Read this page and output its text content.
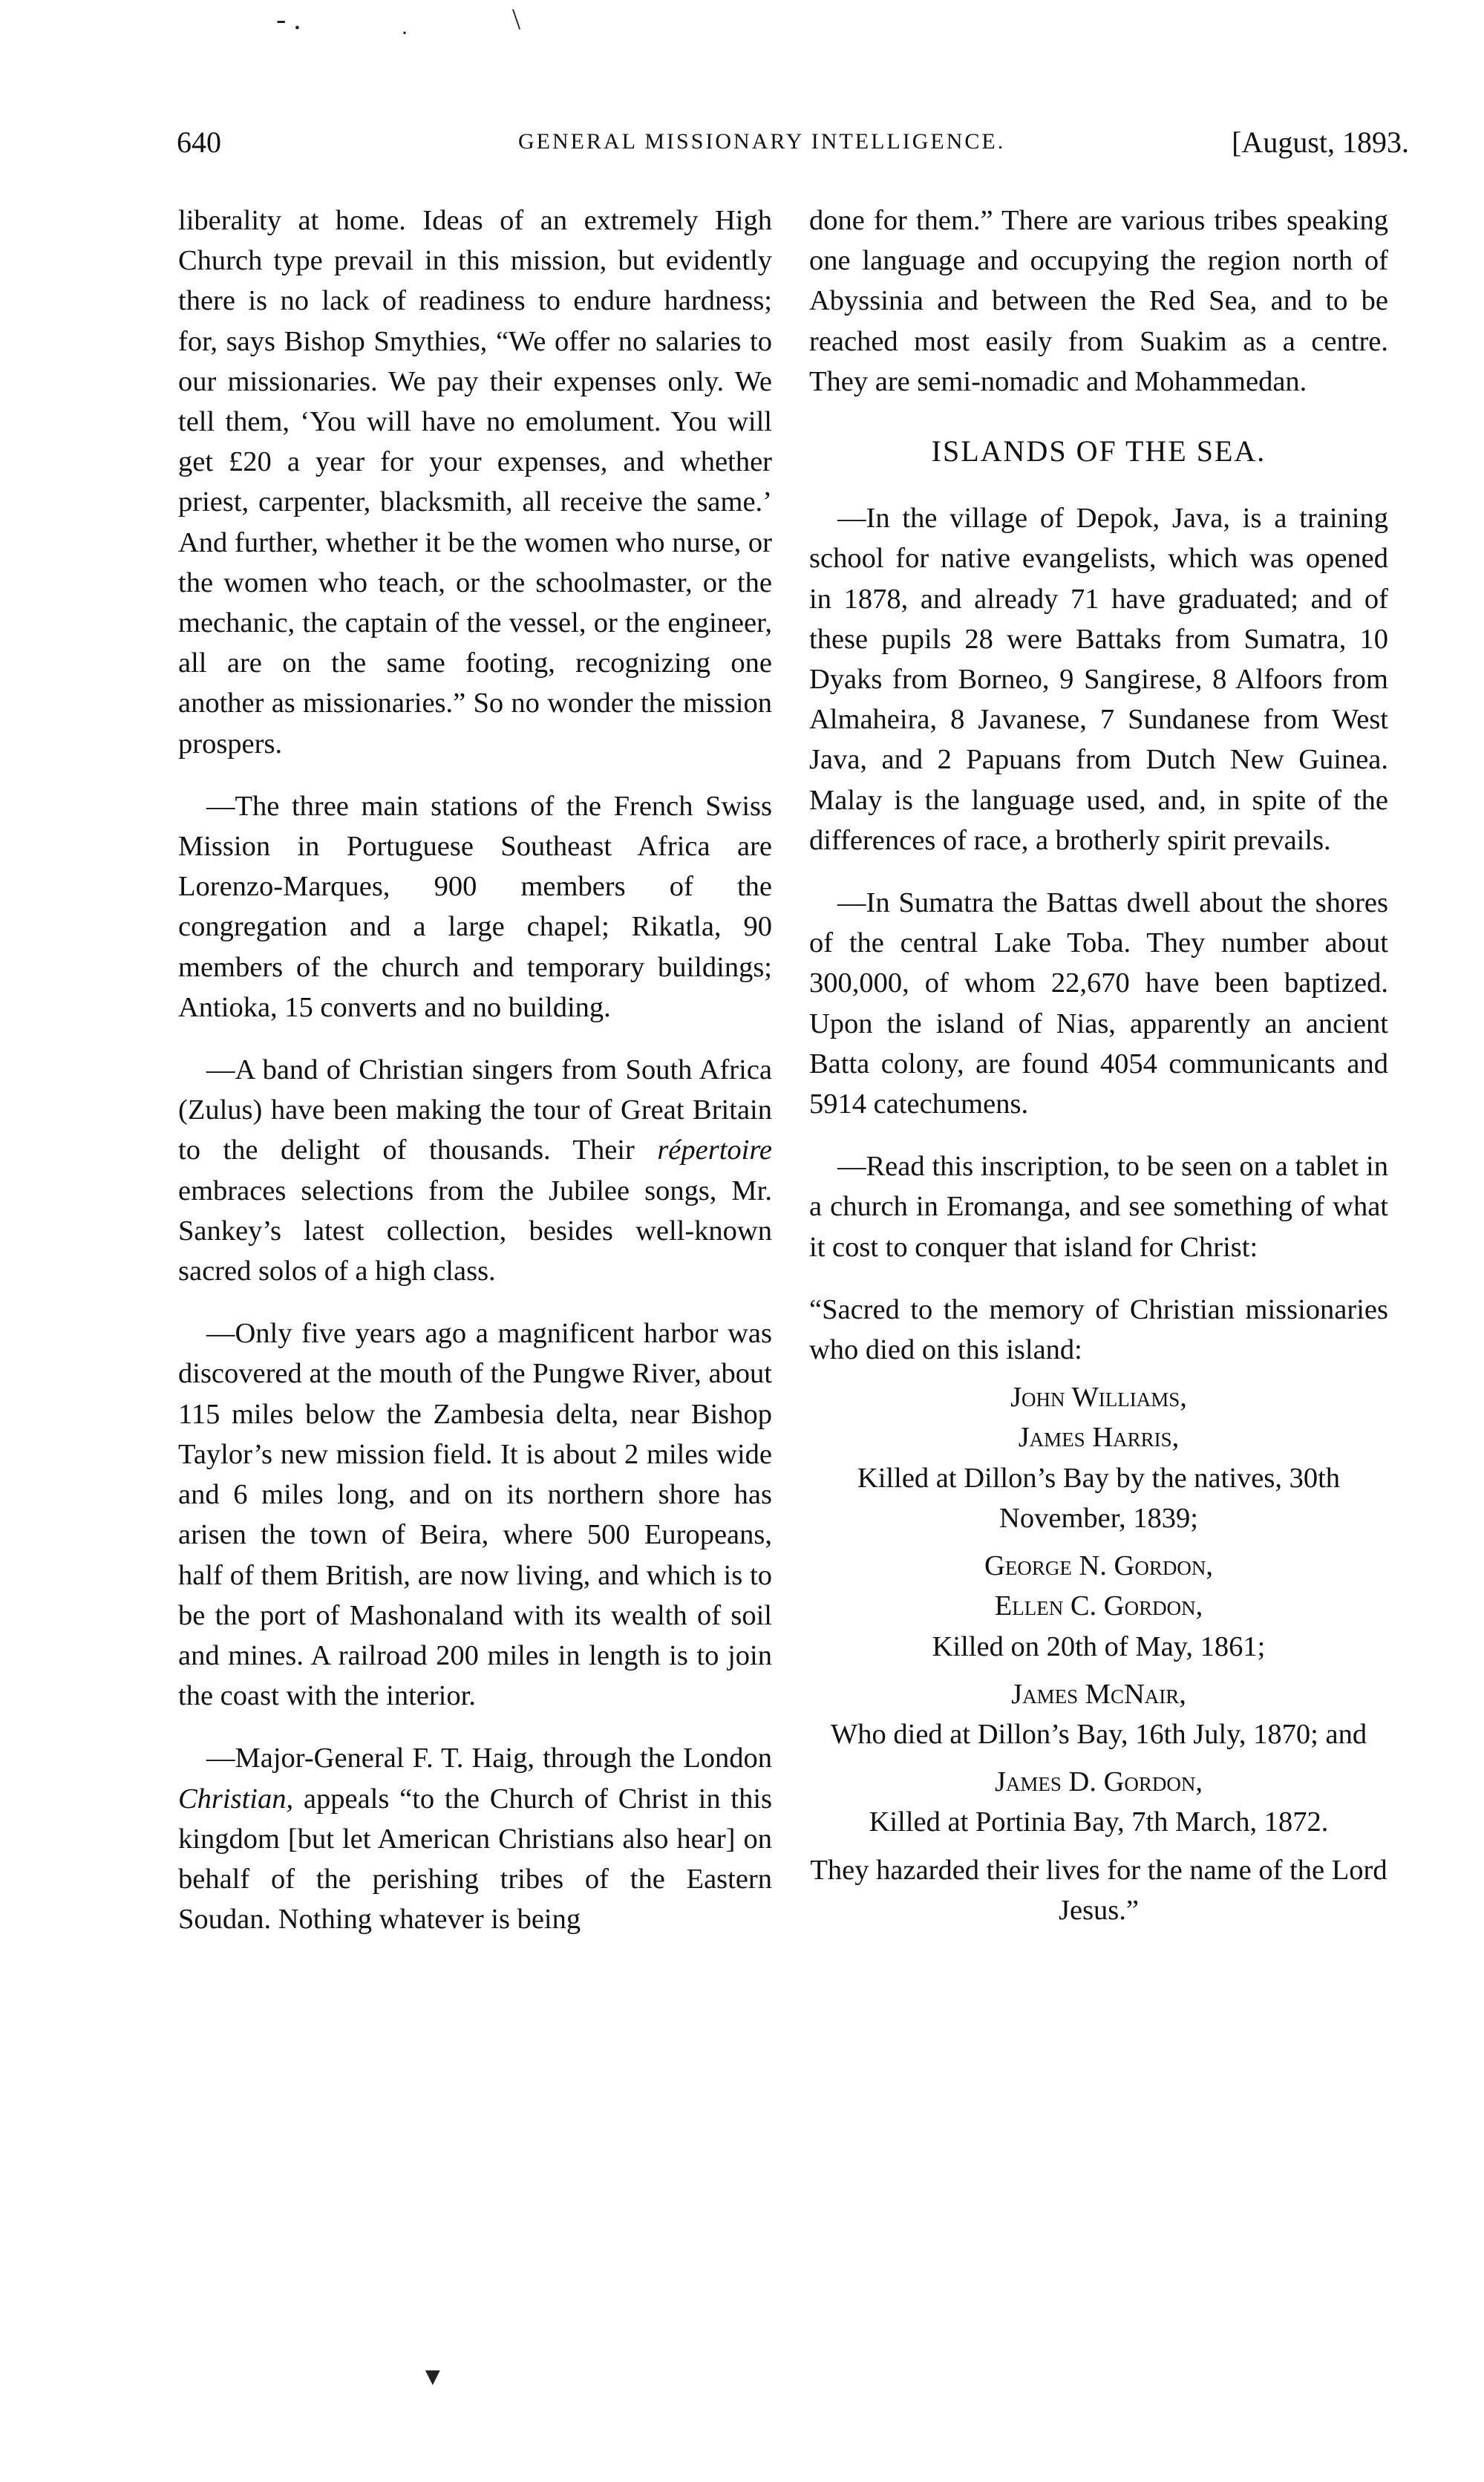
- .	·	\
▼
640	GENERAL MISSIONARY INTELLIGENCE.	[August, 1893.

liberality at home. Ideas of an extremely High Church type prevail in this mission, but evidently there is no lack of readiness to endure hardness; for, says Bishop Smythies, “We offer no salaries to our missionaries. We pay their expenses only. We tell them, ‘You will have no emolument. You will get £20 a year for your expenses, and whether priest, carpenter, blacksmith, all receive the same.’ And further, whether it be the women who nurse, or the women who teach, or the schoolmaster, or the mechanic, the captain of the vessel, or the engineer, all are on the same footing, recognizing one another as missionaries.” So no wonder the mission prospers.

—The three main stations of the French Swiss Mission in Portuguese Southeast Africa are Lorenzo-Marques, 900 members of the congregation and a large chapel; Rikatla, 90 members of the church and temporary buildings; Antioka, 15 converts and no building.

—A band of Christian singers from South Africa (Zulus) have been making the tour of Great Britain to the delight of thousands. Their répertoire embraces selections from the Jubilee songs, Mr. Sankey’s latest collection, besides well-known sacred solos of a high class.

—Only five years ago a magnificent harbor was discovered at the mouth of the Pungwe River, about 115 miles below the Zambesia delta, near Bishop Taylor’s new mission field. It is about 2 miles wide and 6 miles long, and on its northern shore has arisen the town of Beira, where 500 Europeans, half of them British, are now living, and which is to be the port of Mashonaland with its wealth of soil and mines. A railroad 200 miles in length is to join the coast with the interior.

—Major-General F. T. Haig, through the London Christian, appeals “to the Church of Christ in this kingdom [but let American Christians also hear] on behalf of the perishing tribes of the Eastern Soudan. Nothing whatever is being

done for them.” There are various tribes speaking one language and occupying the region north of Abyssinia and between the Red Sea, and to be reached most easily from Suakim as a centre. They are semi-nomadic and Mohammedan.

ISLANDS OF THE SEA.

—In the village of Depok, Java, is a training school for native evangelists, which was opened in 1878, and already 71 have graduated; and of these pupils 28 were Battaks from Sumatra, 10 Dyaks from Borneo, 9 Sangirese, 8 Alfoors from Almaheira, 8 Javanese, 7 Sundanese from West Java, and 2 Papuans from Dutch New Guinea. Malay is the language used, and, in spite of the differences of race, a brotherly spirit prevails.

—In Sumatra the Battas dwell about the shores of the central Lake Toba. They number about 300,000, of whom 22,670 have been baptized. Upon the island of Nias, apparently an ancient Batta colony, are found 4054 communicants and 5914 catechumens.

—Read this inscription, to be seen on a tablet in a church in Eromanga, and see something of what it cost to conquer that island for Christ:

“Sacred to the memory of Christian missionaries who died on this island:

John Williams,

James Harris,

Killed at Dillon’s Bay by the natives, 30th November, 1839;

George N. Gordon,

Ellen C. Gordon,

Killed on 20th of May, 1861;

James McNair,

Who died at Dillon’s Bay, 16th July, 1870; and

James D. Gordon,

Killed at Portinia Bay, 7th March, 1872.

They hazarded their lives for the name of the Lord Jesus.”
